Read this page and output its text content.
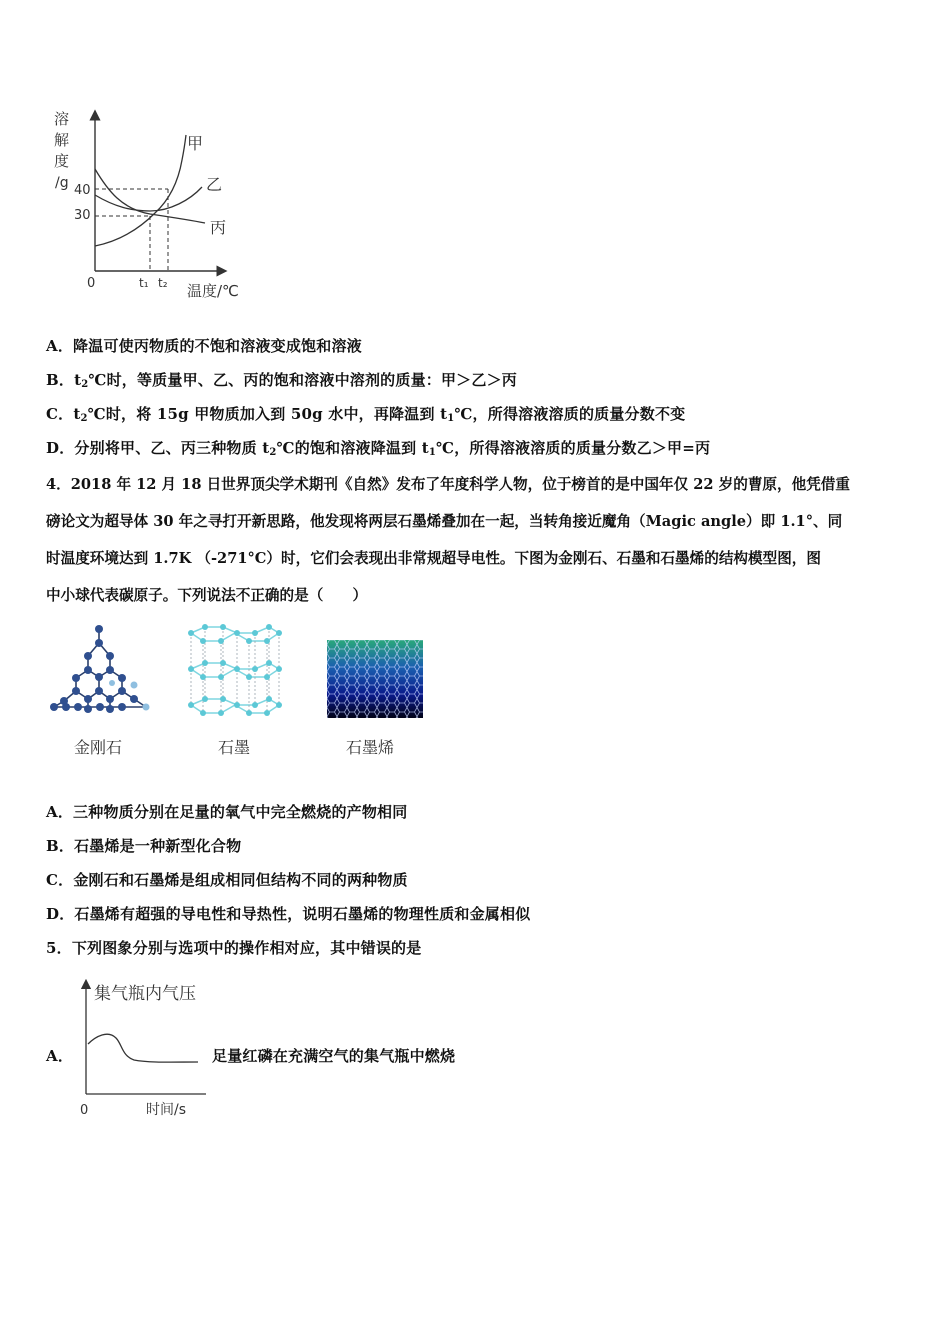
溶
解
度
/g 40
30
0	t₁ t₂ 温度/℃
甲
乙
丙
A．降温可使丙物质的不饱和溶液变成饱和溶液
B．$t_2℃$时，等质量甲、乙、丙的饱和溶液中溶剂的质量：甲＞乙＞丙
C．$t_2℃$时，将 15g 甲物质加入到 50g 水中，再降温到 $t_1℃$，所得溶液溶质的质量分数不变
D．分别将甲、乙、丙三种物质 $t_2℃$的饱和溶液降温到 $t_1℃$，所得溶液溶质的质量分数乙＞甲=丙
4．2018 年 12 月 18 日世界顶尖学术期刊《自然》发布了年度科学人物，位于榜首的是中国年仅 22 岁的曹原，他凭借重
磅论文为超导体 30 年之寻打开新思路，他发现将两层石墨烯叠加在一起，当转角接近魔角（Magic angle）即 1.1°、同
时温度环境达到 1.7K （-271°C）时，它们会表现出非常规超导电性。下图为金刚石、石墨和石墨烯的结构模型图，图
中小球代表碳原子。下列说法不正确的是（　　）
金刚石	石墨	石墨烯
A．三种物质分别在足量的氧气中完全燃烧的产物相同
B．石墨烯是一种新型化合物
C．金刚石和石墨烯是组成相同但结构不同的两种物质
D．石墨烯有超强的导电性和导热性，说明石墨烯的物理性质和金属相似
5．下列图象分别与选项中的操作相对应，其中错误的是
A．
0	时间/s
集气瓶内气压
足量红磷在充满空气的集气瓶中燃烧
